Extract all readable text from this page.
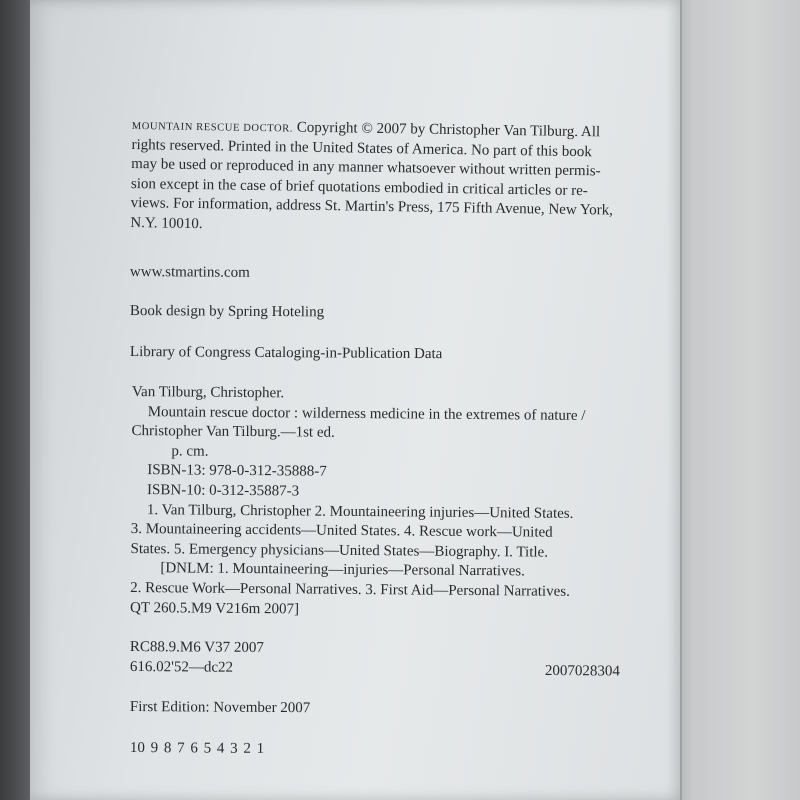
MOUNTAIN RESCUE DOCTOR. Copyright © 2007 by Christopher Van Tilburg. All
rights reserved. Printed in the United States of America. No part of this book
may be used or reproduced in any manner whatsoever without written permis-
sion except in the case of brief quotations embodied in critical articles or re-
views. For information, address St. Martin's Press, 175 Fifth Avenue, New York,
N.Y. 10010.
www.stmartins.com
Book design by Spring Hoteling
Library of Congress Cataloging-in-Publication Data
Van Tilburg, Christopher.
Mountain rescue doctor : wilderness medicine in the extremes of nature /
Christopher Van Tilburg.—1st ed.
p. cm.
ISBN-13: 978-0-312-35888-7
ISBN-10: 0-312-35887-3
1. Van Tilburg, Christopher 2. Mountaineering injuries—United States.
3. Mountaineering accidents—United States. 4. Rescue work—United
States. 5. Emergency physicians—United States—Biography. I. Title.
[DNLM: 1. Mountaineering—injuries—Personal Narratives.
2. Rescue Work—Personal Narratives. 3. First Aid—Personal Narratives.
QT 260.5.M9 V216m 2007]
RC88.9.M6 V37 2007
616.02'52—dc22	2007028304
First Edition: November 2007
10 9 8 7 6 5 4 3 2 1
